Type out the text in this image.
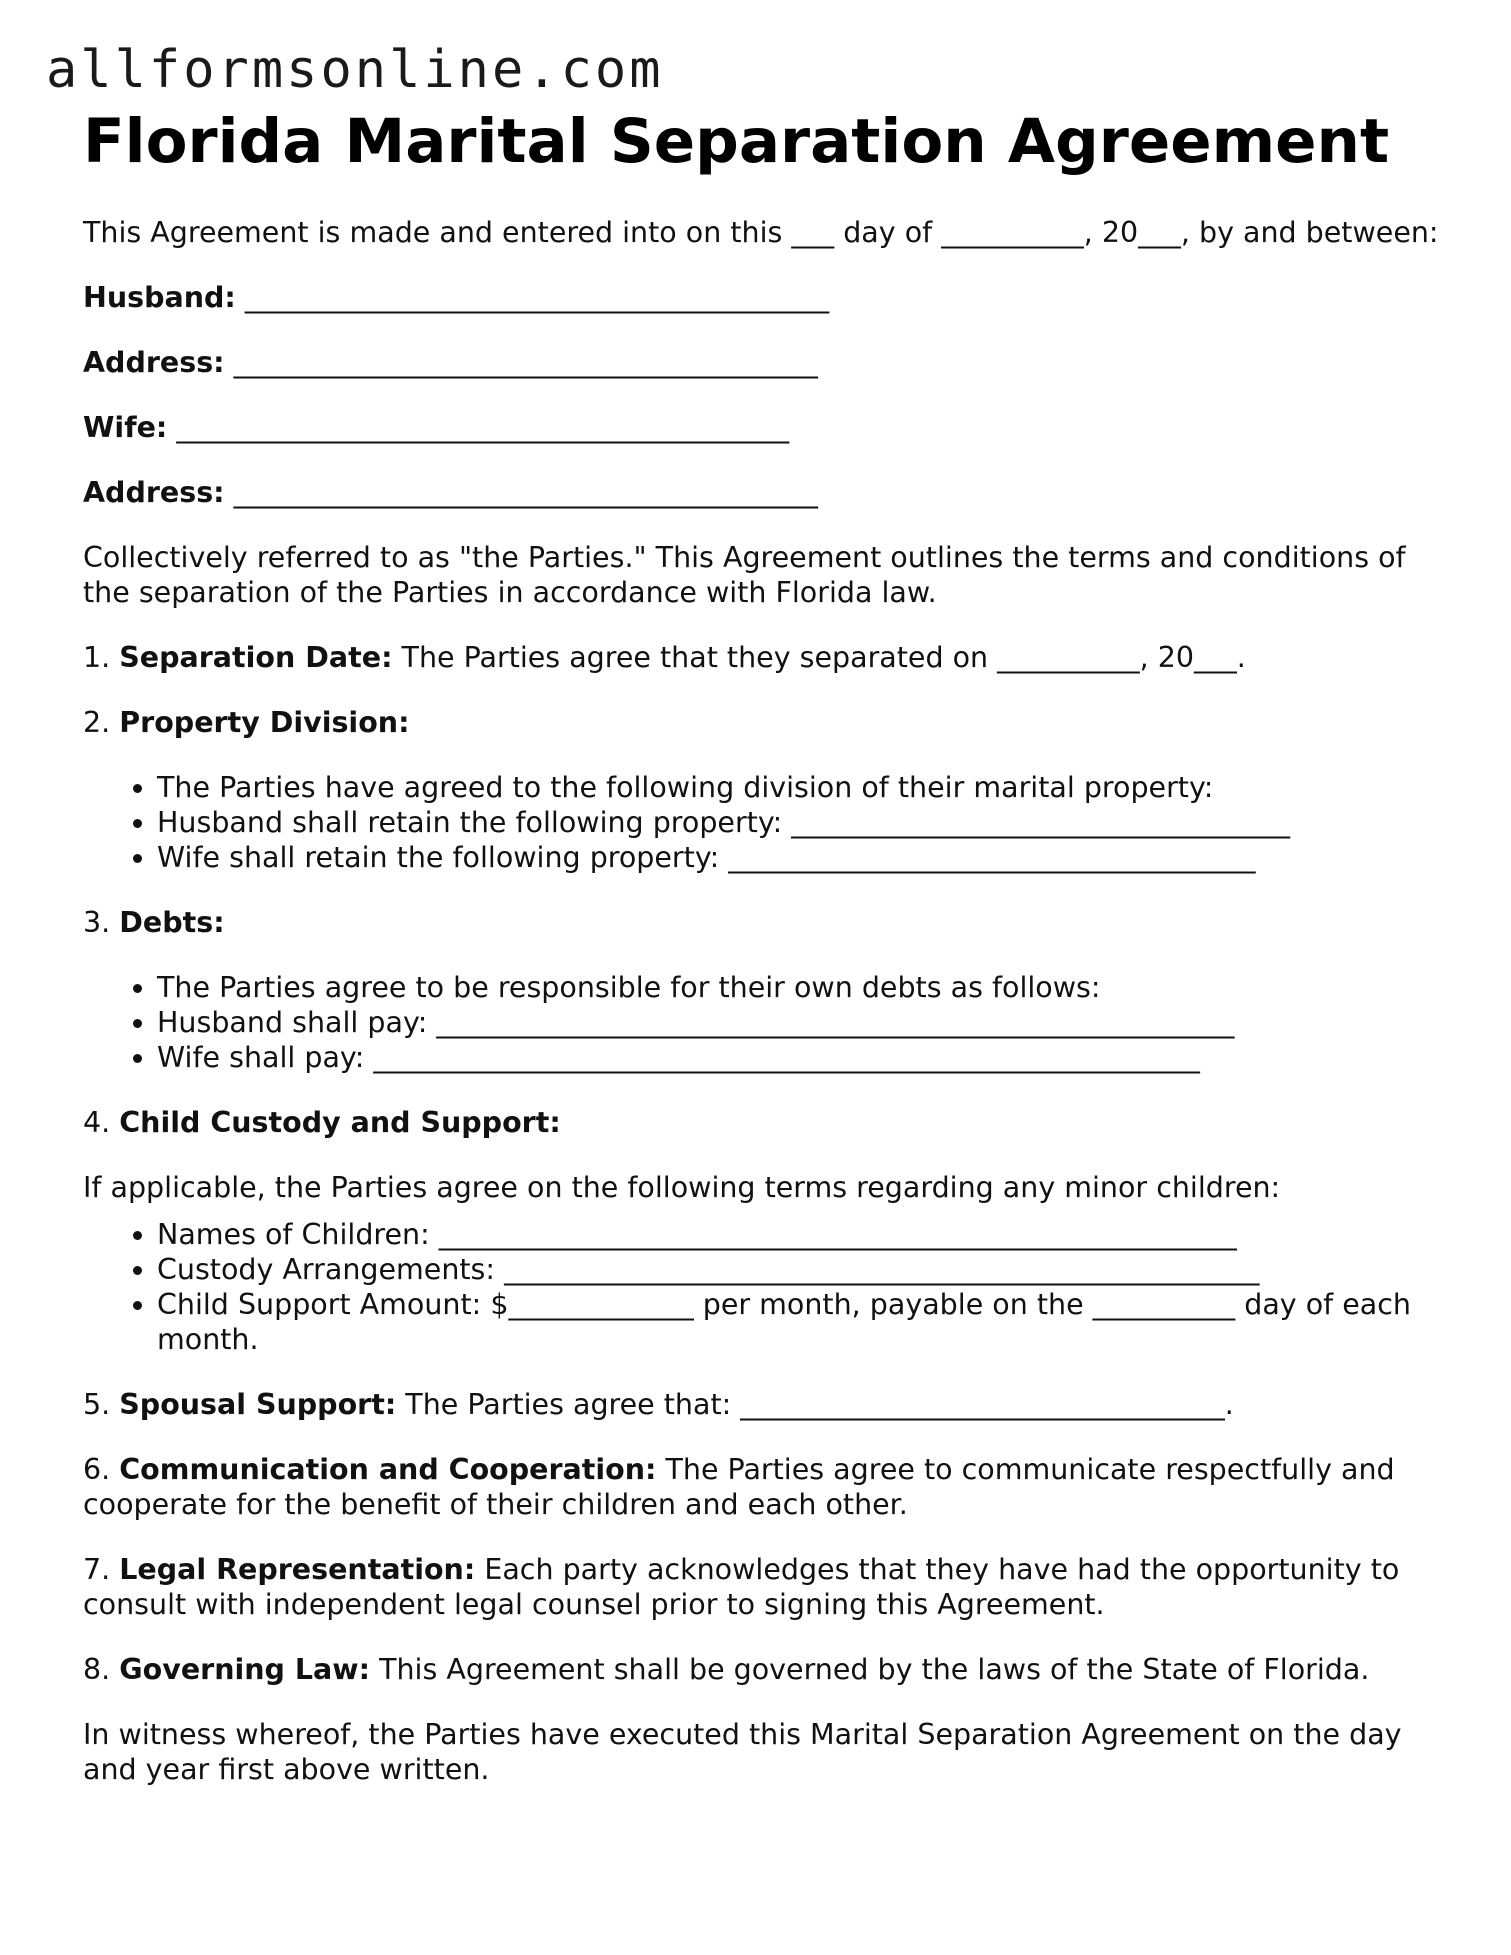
allformsonline.com
Florida Marital Separation Agreement

This Agreement is made and entered into on this ___ day of __________, 20___, by and between:

Husband: _________________________________________

Address: _________________________________________

Wife: ___________________________________________

Address: _________________________________________

Collectively referred to as "the Parties." This Agreement outlines the terms and conditions of the separation of the Parties in accordance with Florida law.

1. Separation Date: The Parties agree that they separated on __________, 20___.

2. Property Division:

• The Parties have agreed to the following division of their marital property:
• Husband shall retain the following property: ___________________________________
• Wife shall retain the following property: _____________________________________

3. Debts:

• The Parties agree to be responsible for their own debts as follows:
• Husband shall pay: ________________________________________________________
• Wife shall pay: __________________________________________________________

4. Child Custody and Support:

If applicable, the Parties agree on the following terms regarding any minor children:

• Names of Children: ________________________________________________________
• Custody Arrangements: _____________________________________________________
• Child Support Amount: $_____________ per month, payable on the __________ day of each month.

5. Spousal Support: The Parties agree that: __________________________________.

6. Communication and Cooperation: The Parties agree to communicate respectfully and cooperate for the benefit of their children and each other.

7. Legal Representation: Each party acknowledges that they have had the opportunity to consult with independent legal counsel prior to signing this Agreement.

8. Governing Law: This Agreement shall be governed by the laws of the State of Florida.

In witness whereof, the Parties have executed this Marital Separation Agreement on the day and year first above written.
